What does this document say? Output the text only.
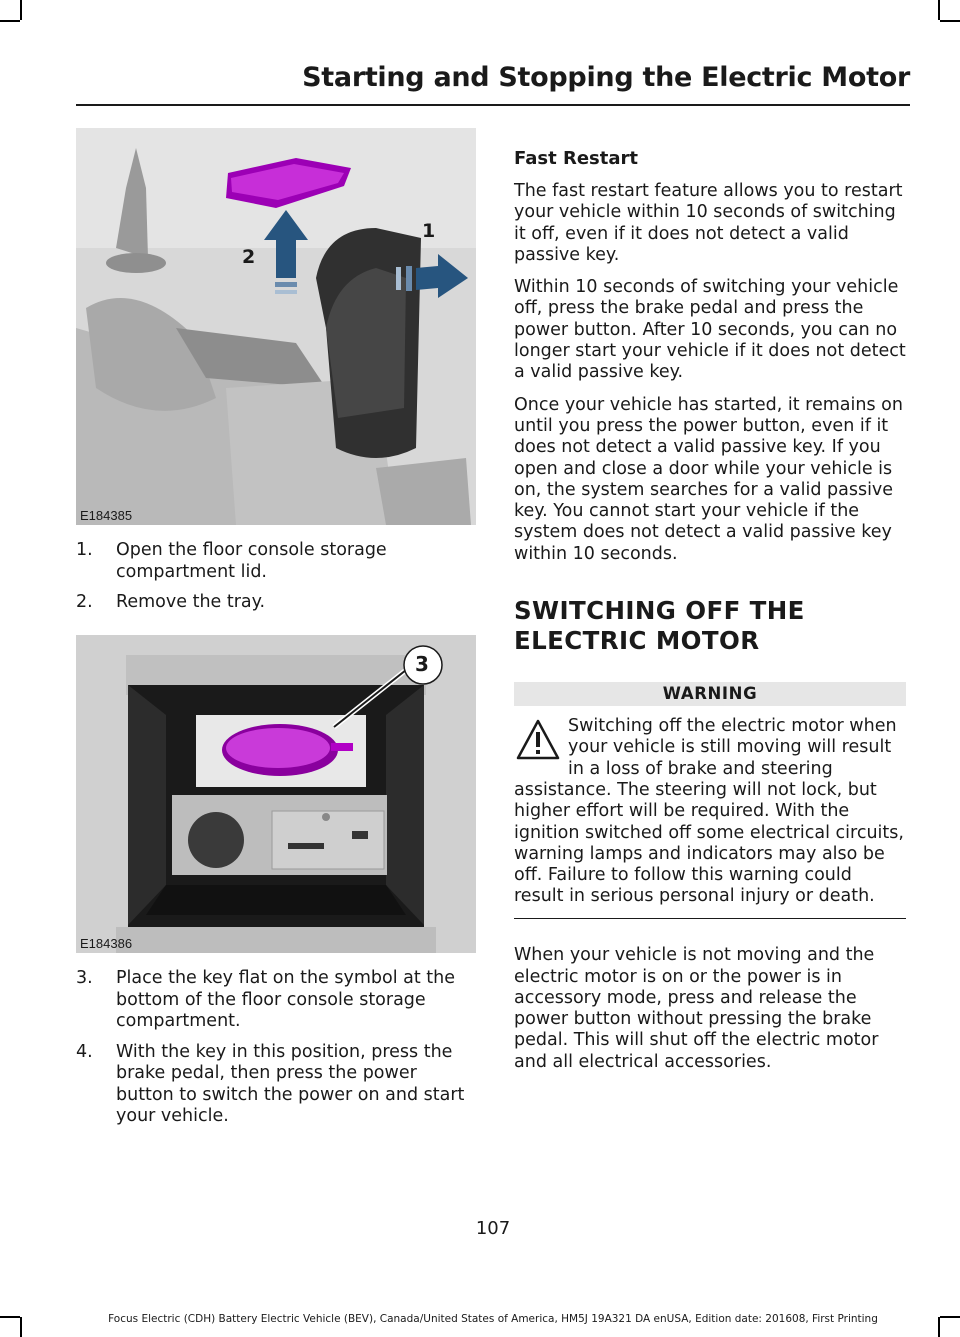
Starting and Stopping the Electric Motor
1
2
E184385
1. Open the floor console storage compartment lid.
2. Remove the tray.
3
E184386
3. Place the key flat on the symbol at the bottom of the floor console storage compartment.
4. With the key in this position, press the brake pedal, then press the power button to switch the power on and start your vehicle.
Fast Restart

The fast restart feature allows you to restart your vehicle within 10 seconds of switching it off, even if it does not detect a valid passive key.

Within 10 seconds of switching your vehicle off, press the brake pedal and press the power button. After 10 seconds, you can no longer start your vehicle if it does not detect a valid passive key.

Once your vehicle has started, it remains on until you press the power button, even if it does not detect a valid passive key. If you open and close a door while your vehicle is on, the system searches for a valid passive key. You cannot start your vehicle if the system does not detect a valid passive key within 10 seconds.

SWITCHING OFF THE
ELECTRIC MOTOR
WARNING
Switching off the electric motor when your vehicle is still moving will result in a loss of brake and steering assistance. The steering will not lock, but higher effort will be required. With the ignition switched off some electrical circuits, warning lamps and indicators may also be off. Failure to follow this warning could result in serious personal injury or death.

When your vehicle is not moving and the electric motor is on or the power is in accessory mode, press and release the power button without pressing the brake pedal. This will shut off the electric motor and all electrical accessories.

107
Focus Electric (CDH) Battery Electric Vehicle (BEV), Canada/United States of America, HM5J 19A321 DA enUSA, Edition date: 201608, First Printing
